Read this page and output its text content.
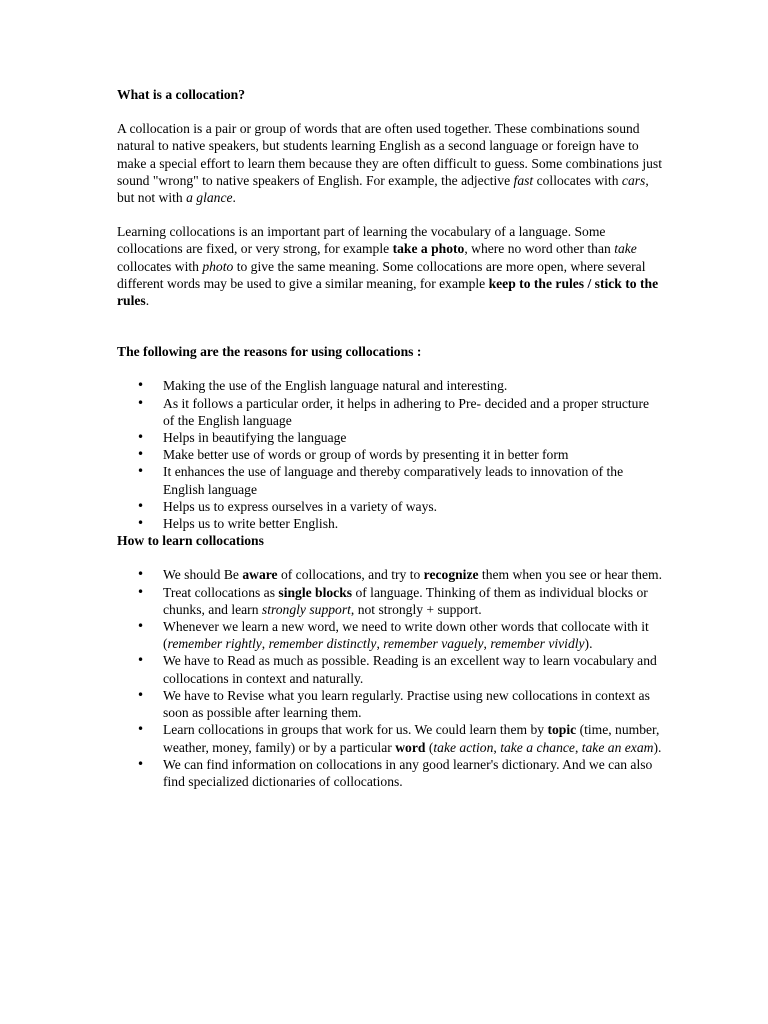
What is a collocation?

A collocation is a pair or group of words that are often used together. These combinations sound natural to native speakers, but students learning English as a second language or foreign have to make a special effort to learn them because they are often difficult to guess. Some combinations just sound "wrong" to native speakers of English. For example, the adjective fast collocates with cars, but not with a glance.

Learning collocations is an important part of learning the vocabulary of a language. Some collocations are fixed, or very strong, for example take a photo, where no word other than take collocates with photo to give the same meaning. Some collocations are more open, where several different words may be used to give a similar meaning, for example keep to the rules / stick to the rules.

The following are the reasons for using collocations :

• Making the use of the English language natural and interesting.
• As it follows a particular order, it helps in adhering to Pre- decided and a proper structure of the English language
• Helps in beautifying the language
• Make better use of words or group of words by presenting it in better form
• It enhances the use of language and thereby comparatively leads to innovation of the English language
• Helps us to express ourselves in a variety of ways.
• Helps us to write better English.

How to learn collocations

• We should Be aware of collocations, and try to recognize them when you see or hear them.
• Treat collocations as single blocks of language. Thinking of them as individual blocks or chunks, and learn strongly support, not strongly + support.
• Whenever we learn a new word, we need to write down other words that collocate with it (remember rightly, remember distinctly, remember vaguely, remember vividly).
• We have to Read as much as possible. Reading is an excellent way to learn vocabulary and collocations in context and naturally.
• We have to Revise what you learn regularly. Practise using new collocations in context as soon as possible after learning them.
• Learn collocations in groups that work for us. We could learn them by topic (time, number, weather, money, family) or by a particular word (take action, take a chance, take an exam).
• We can find information on collocations in any good learner's dictionary. And we can also find specialized dictionaries of collocations.
